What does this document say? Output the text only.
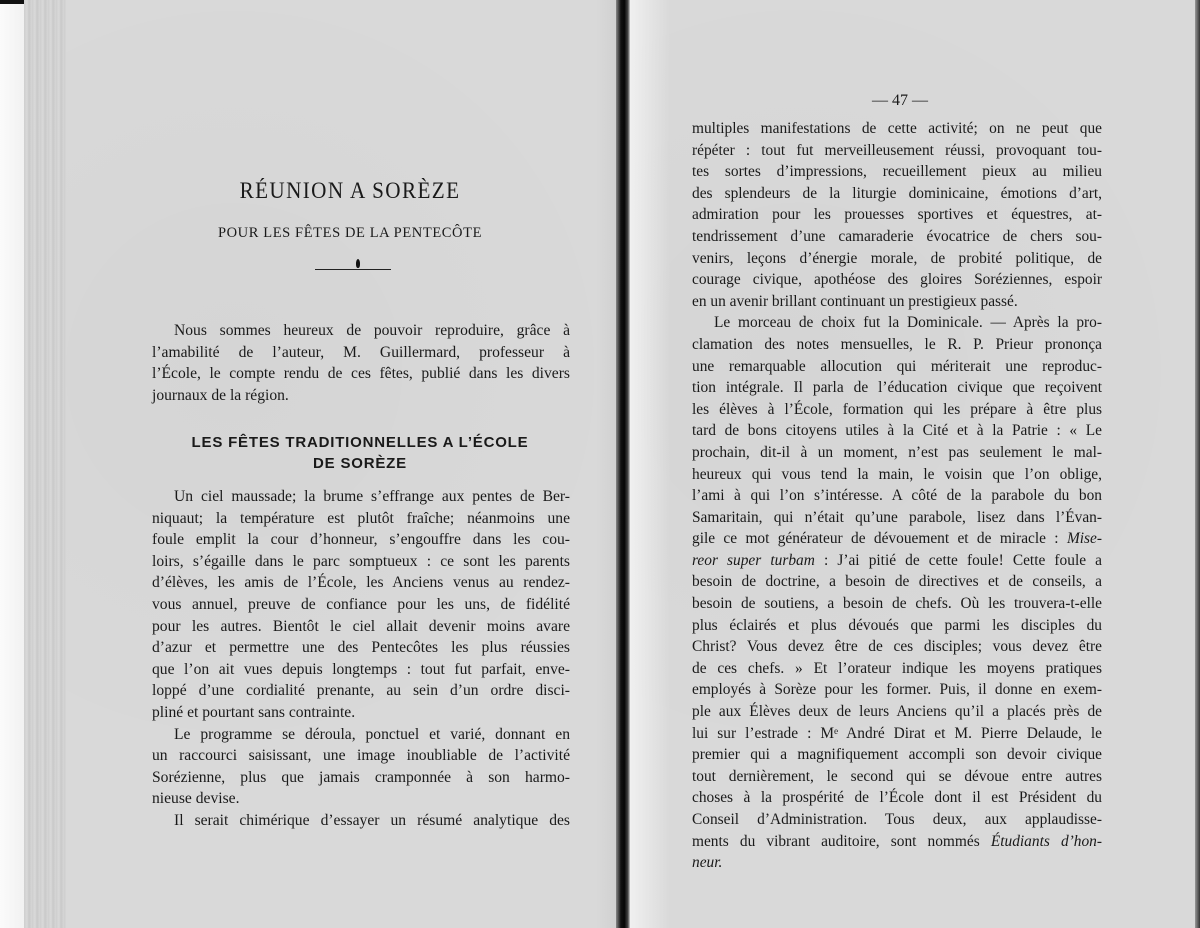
RÉUNION A SORÈZE
POUR LES FÊTES DE LA PENTECÔTE
Nous sommes heureux de pouvoir reproduire, grâce à
l’amabilité de l’auteur, M. Guillermard, professeur à
l’École, le compte rendu de ces fêtes, publié dans les divers
journaux de la région.
LES FÊTES TRADITIONNELLES A L’ÉCOLE
DE SORÈZE
Un ciel maussade; la brume s’effrange aux pentes de Ber-
niquaut; la température est plutôt fraîche; néanmoins une
foule emplit la cour d’honneur, s’engouffre dans les cou-
loirs, s’égaille dans le parc somptueux : ce sont les parents
d’élèves, les amis de l’École, les Anciens venus au rendez-
vous annuel, preuve de confiance pour les uns, de fidélité
pour les autres. Bientôt le ciel allait devenir moins avare
d’azur et permettre une des Pentecôtes les plus réussies
que l’on ait vues depuis longtemps : tout fut parfait, enve-
loppé d’une cordialité prenante, au sein d’un ordre disci-
pliné et pourtant sans contrainte.
Le programme se déroula, ponctuel et varié, donnant en
un raccourci saisissant, une image inoubliable de l’activité
Sorézienne, plus que jamais cramponnée à son harmo-
nieuse devise.
Il serait chimérique d’essayer un résumé analytique des
— 47 —
multiples manifestations de cette activité; on ne peut que
répéter : tout fut merveilleusement réussi, provoquant tou-
tes sortes d’impressions, recueillement pieux au milieu
des splendeurs de la liturgie dominicaine, émotions d’art,
admiration pour les prouesses sportives et équestres, at-
tendrissement d’une camaraderie évocatrice de chers sou-
venirs, leçons d’énergie morale, de probité politique, de
courage civique, apothéose des gloires Soréziennes, espoir
en un avenir brillant continuant un prestigieux passé.
Le morceau de choix fut la Dominicale. — Après la pro-
clamation des notes mensuelles, le R. P. Prieur prononça
une remarquable allocution qui mériterait une reproduc-
tion intégrale. Il parla de l’éducation civique que reçoivent
les élèves à l’École, formation qui les prépare à être plus
tard de bons citoyens utiles à la Cité et à la Patrie : « Le
prochain, dit-il à un moment, n’est pas seulement le mal-
heureux qui vous tend la main, le voisin que l’on oblige,
l’ami à qui l’on s’intéresse. A côté de la parabole du bon
Samaritain, qui n’était qu’une parabole, lisez dans l’Évan-
gile ce mot générateur de dévouement et de miracle : Mise-
reor super turbam : J’ai pitié de cette foule! Cette foule a
besoin de doctrine, a besoin de directives et de conseils, a
besoin de soutiens, a besoin de chefs. Où les trouvera-t-elle
plus éclairés et plus dévoués que parmi les disciples du
Christ? Vous devez être de ces disciples; vous devez être
de ces chefs. » Et l’orateur indique les moyens pratiques
employés à Sorèze pour les former. Puis, il donne en exem-
ple aux Élèves deux de leurs Anciens qu’il a placés près de
lui sur l’estrade : Mᵉ André Dirat et M. Pierre Delaude, le
premier qui a magnifiquement accompli son devoir civique
tout dernièrement, le second qui se dévoue entre autres
choses à la prospérité de l’École dont il est Président du
Conseil d’Administration. Tous deux, aux applaudisse-
ments du vibrant auditoire, sont nommés Étudiants d’hon-
neur.
